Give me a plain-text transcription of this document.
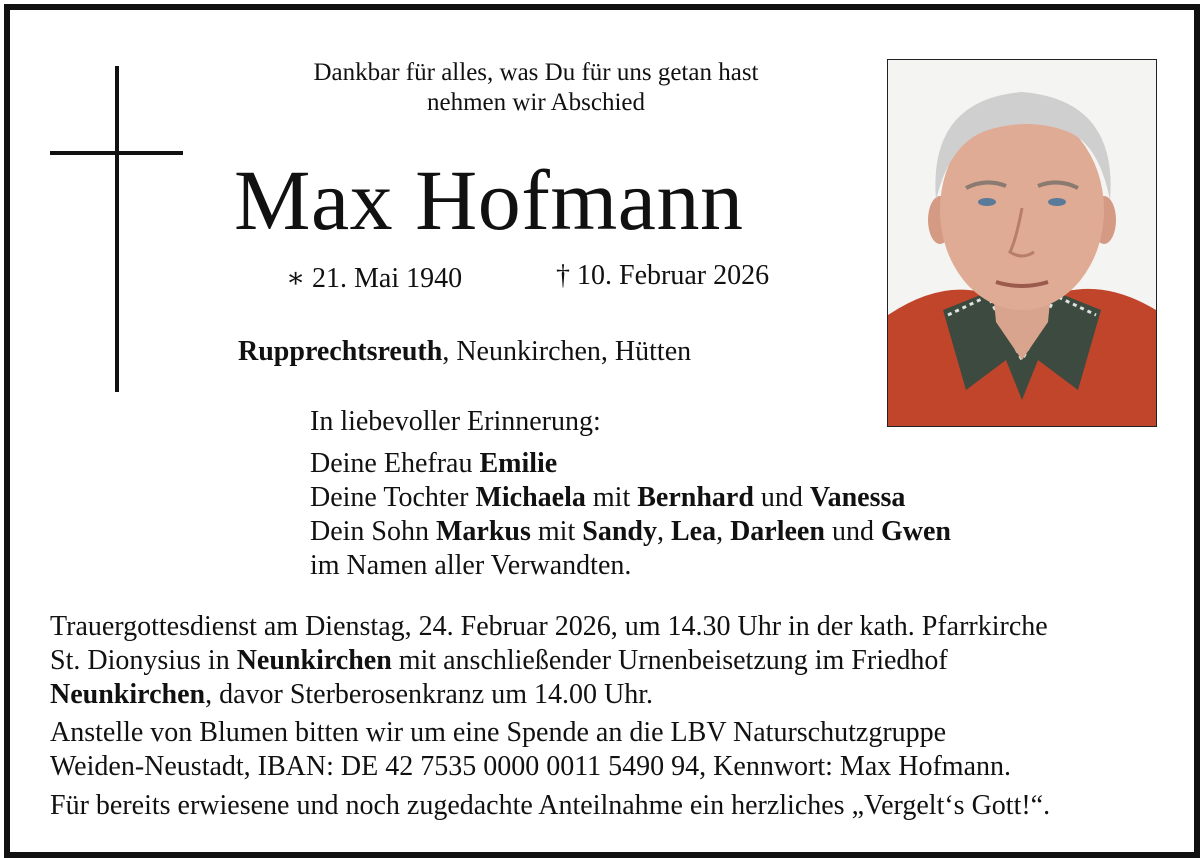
Dankbar für alles, was Du für uns getan hast
nehmen wir Abschied
Max Hofmann
∗ 21. Mai 1940	† 10. Februar 2026
Rupprechtsreuth, Neunkirchen, Hütten
In liebevoller Erinnerung:
Deine Ehefrau Emilie
Deine Tochter Michaela mit Bernhard und Vanessa
Dein Sohn Markus mit Sandy, Lea, Darleen und Gwen
im Namen aller Verwandten.
Trauergottesdienst am Dienstag, 24. Februar 2026, um 14.30 Uhr in der kath. Pfarrkirche
St. Dionysius in Neunkirchen mit anschließender Urnenbeisetzung im Friedhof
Neunkirchen, davor Sterberosenkranz um 14.00 Uhr.
Anstelle von Blumen bitten wir um eine Spende an die LBV Naturschutzgruppe
Weiden-Neustadt, IBAN: DE 42 7535 0000 0011 5490 94, Kennwort: Max Hofmann.
Für bereits erwiesene und noch zugedachte Anteilnahme ein herzliches „Vergelt‘s Gott!“.
